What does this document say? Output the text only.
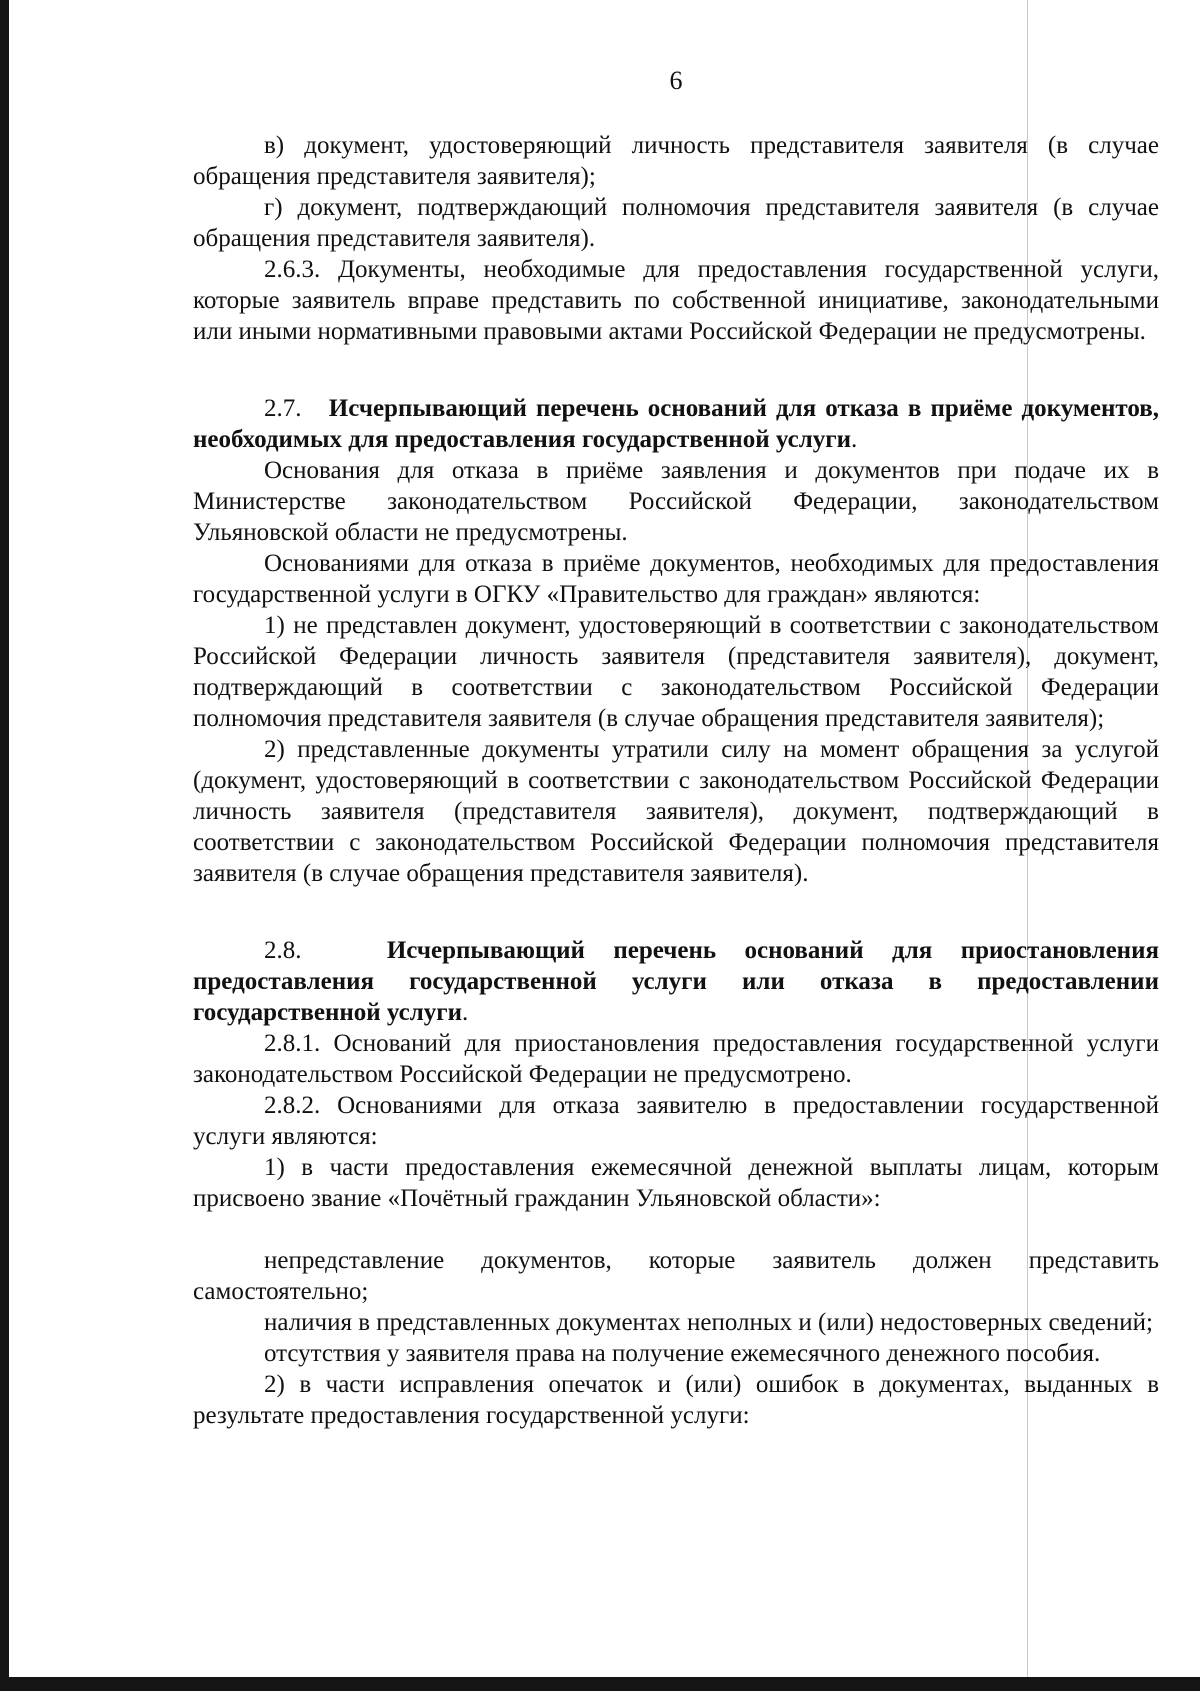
6

в) документ, удостоверяющий личность представителя заявителя (в случае обращения представителя заявителя);

г) документ, подтверждающий полномочия представителя заявителя (в случае обращения представителя заявителя).

2.6.3. Документы, необходимые для предоставления государственной услуги, которые заявитель вправе представить по собственной инициативе, законодательными или иными нормативными правовыми актами Российской Федерации не предусмотрены.

2.7. Исчерпывающий перечень оснований для отказа в приёме документов, необходимых для предоставления государственной услуги.

Основания для отказа в приёме заявления и документов при подаче их в Министерстве законодательством Российской Федерации, законодательством Ульяновской области не предусмотрены.

Основаниями для отказа в приёме документов, необходимых для предоставления государственной услуги в ОГКУ «Правительство для граждан» являются:

1) не представлен документ, удостоверяющий в соответствии с законодательством Российской Федерации личность заявителя (представителя заявителя), документ, подтверждающий в соответствии с законодательством Российской Федерации полномочия представителя заявителя (в случае обращения представителя заявителя);

2) представленные документы утратили силу на момент обращения за услугой (документ, удостоверяющий в соответствии с законодательством Российской Федерации личность заявителя (представителя заявителя), документ, подтверждающий в соответствии с законодательством Российской Федерации полномочия представителя заявителя (в случае обращения представителя заявителя).

2.8.	Исчерпывающий перечень оснований для приостановления предоставления государственной услуги или отказа в предоставлении государственной услуги.

2.8.1. Оснований для приостановления предоставления государственной услуги законодательством Российской Федерации не предусмотрено.

2.8.2. Основаниями для отказа заявителю в предоставлении государственной услуги являются:

1) в части предоставления ежемесячной денежной выплаты лицам, которым присвоено звание «Почётный гражданин Ульяновской области»:

непредставление документов, которые заявитель должен представить самостоятельно;

наличия в представленных документах неполных и (или) недостоверных сведений;

отсутствия у заявителя права на получение ежемесячного денежного пособия.

2) в части исправления опечаток и (или) ошибок в документах, выданных в результате предоставления государственной услуги:
